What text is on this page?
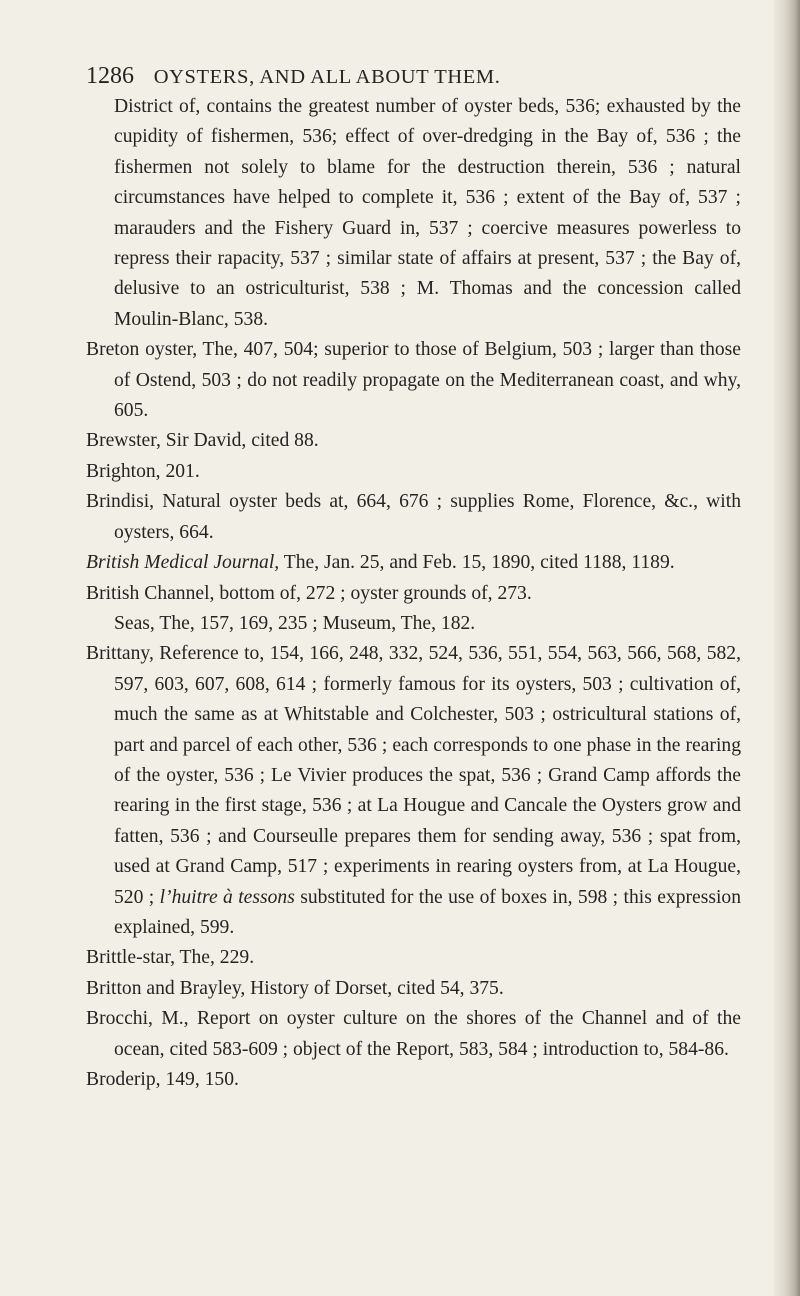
1286 OYSTERS, AND ALL ABOUT THEM.

District of, contains the greatest number of oyster beds, 536; exhausted by the cupidity of fishermen, 536; effect of over-dredging in the Bay of, 536 ; the fishermen not solely to blame for the destruction therein, 536 ; natural circumstances have helped to complete it, 536 ; extent of the Bay of, 537 ; marauders and the Fishery Guard in, 537 ; coercive measures powerless to repress their rapacity, 537 ; similar state of affairs at present, 537 ; the Bay of, delusive to an ostriculturist, 538 ; M. Thomas and the concession called Moulin-Blanc, 538.

Breton oyster, The, 407, 504; superior to those of Belgium, 503 ; larger than those of Ostend, 503 ; do not readily propagate on the Mediterranean coast, and why, 605.

Brewster, Sir David, cited 88.

Brighton, 201.

Brindisi, Natural oyster beds at, 664, 676 ; supplies Rome, Florence, &c., with oysters, 664.

British Medical Journal, The, Jan. 25, and Feb. 15, 1890, cited 1188, 1189.

British Channel, bottom of, 272 ; oyster grounds of, 273.

Seas, The, 157, 169, 235 ; Museum, The, 182.

Brittany, Reference to, 154, 166, 248, 332, 524, 536, 551, 554, 563, 566, 568, 582, 597, 603, 607, 608, 614 ; formerly famous for its oysters, 503 ; cultivation of, much the same as at Whitstable and Colchester, 503 ; ostricultural stations of, part and parcel of each other, 536 ; each corresponds to one phase in the rearing of the oyster, 536 ; Le Vivier produces the spat, 536 ; Grand Camp affords the rearing in the first stage, 536 ; at La Hougue and Cancale the Oysters grow and fatten, 536 ; and Courseulle prepares them for sending away, 536 ; spat from, used at Grand Camp, 517 ; experiments in rearing oysters from, at La Hougue, 520 ; l’huitre à tessons substituted for the use of boxes in, 598 ; this expression explained, 599.

Brittle-star, The, 229.

Britton and Brayley, History of Dorset, cited 54, 375.

Brocchi, M., Report on oyster culture on the shores of the Channel and of the ocean, cited 583-609 ; object of the Report, 583, 584 ; introduction to, 584-86.

Broderip, 149, 150.
